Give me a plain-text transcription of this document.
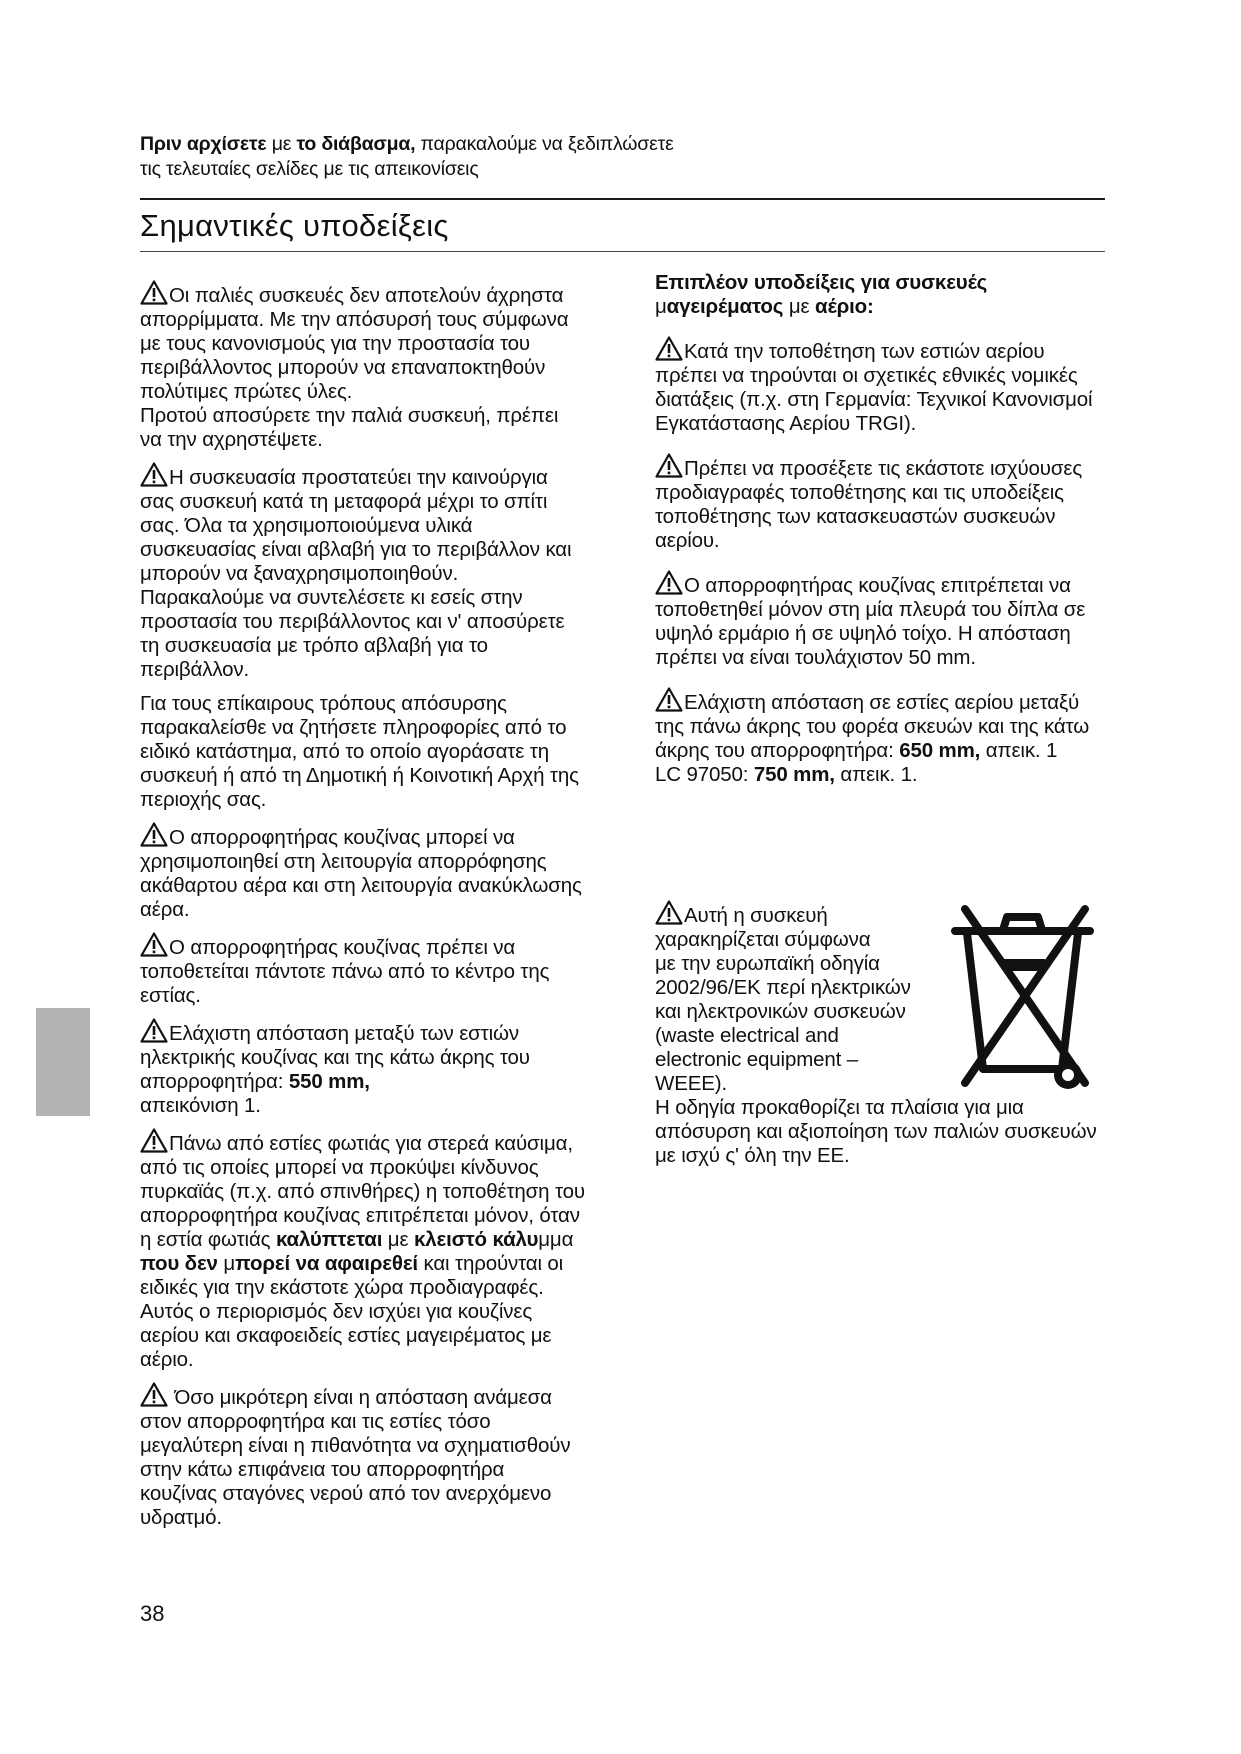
Πριν αρχίσετε με το διάβασμα, παρακαλούμε να ξεδιπλώσετε
τις τελευταίες σελίδες με τις απεικονίσεις
Σημαντικές υποδείξεις

Οι παλιές συσκευές δεν αποτελούν άχρηστα απορρίμματα. Με την απόσυρσή τους σύμφωνα με τους κανονισμούς για την προστασία του περιβάλλοντος μπορούν να επαναποκτηθούν πολύτιμες πρώτες ύλες.

Προτού αποσύρετε την παλιά συσκευή, πρέπει να την αχρηστέψετε.

Η συσκευασία προστατεύει την καινούργια σας συσκευή κατά τη μεταφορά μέχρι το σπίτι σας. Όλα τα χρησιμοποιούμενα υλικά συσκευασίας είναι αβλαβή για το περιβάλλον και μπορούν να ξαναχρησιμοποιηθούν.

Παρακαλούμε να συντελέσετε κι εσείς στην προστασία του περιβάλλοντος και ν' αποσύρετε τη συσκευασία με τρόπο αβλαβή για το περιβάλλον.

Για τους επίκαιρους τρόπους απόσυρσης παρακαλείσθε να ζητήσετε πληροφορίες από το ειδικό κατάστημα, από το οποίο αγοράσατε τη συσκευή ή από τη Δημοτική ή Κοινοτική Αρχή της περιοχής σας.

Ο απορροφητήρας κουζίνας μπορεί να χρησιμοποιηθεί στη λειτουργία απορρόφησης ακάθαρτου αέρα και στη λειτουργία ανακύκλωσης αέρα.

Ο απορροφητήρας κουζίνας πρέπει να τοποθετείται πάντοτε πάνω από το κέντρο της εστίας.

Ελάχιστη απόσταση μεταξύ των εστιών ηλεκτρικής κουζίνας και της κάτω άκρης του απορροφητήρα: 550 mm,
απεικόνιση 1.

Πάνω από εστίες φωτιάς για στερεά καύσιμα, από τις οποίες μπορεί να προκύψει κίνδυνος πυρκαϊάς (π.χ. από σπινθήρες) η τοποθέτηση του απορροφητήρα κουζίνας επιτρέπεται μόνον, όταν η εστία φωτιάς καλύπτεται με κλειστό κάλυμμα που δεν μπορεί να αφαιρεθεί και τηρούνται οι ειδικές για την εκάστοτε χώρα προδιαγραφές. Αυτός ο περιορισμός δεν ισχύει για κουζίνες αερίου και σκαφοειδείς εστίες μαγειρέματος με αέριο.

Όσο μικρότερη είναι η απόσταση ανάμεσα στον απορροφητήρα και τις εστίες τόσο μεγαλύτερη είναι η πιθανότητα να σχηματισθούν στην κάτω επιφάνεια του απορροφητήρα κουζίνας σταγόνες νερού από τον ανερχόμενο υδρατμό.

Επιπλέον υποδείξεις για συσκευές
μαγειρέματος με αέριο:

Κατά την τοποθέτηση των εστιών αερίου πρέπει να τηρούνται οι σχετικές εθνικές νομικές διατάξεις (π.χ. στη Γερμανία: Τεχνικοί Κανονισμοί Εγκατάστασης Αερίου TRGI).

Πρέπει να προσέξετε τις εκάστοτε ισχύουσες προδιαγραφές τοποθέτησης και τις υποδείξεις τοποθέτησης των κατασκευαστών συσκευών αερίου.

Ο απορροφητήρας κουζίνας επιτρέπεται να τοποθετηθεί μόνον στη μία πλευρά του δίπλα σε υψηλό ερμάριο ή σε υψηλό τοίχο. Η απόσταση πρέπει να είναι τουλάχιστον 50 mm.

Ελάχιστη απόσταση σε εστίες αερίου μεταξύ της πάνω άκρης του φορέα σκευών και της κάτω άκρης του απορροφητήρα: 650 mm, απεικ. 1
LC 97050: 750 mm, απεικ. 1.

Αυτή η συσκευή

χαρακηρίζεται σύμφωνα

με την ευρωπαϊκή οδηγία

2002/96/ΕΚ περί ηλεκτρικών

και ηλεκτρονικών συσκευών

(waste electrical and

electronic equipment –

WEEE).

Η οδηγία προκαθορίζει τα πλαίσια για μια απόσυρση και αξιοποίηση των παλιών συσκευών με ισχύ ς' όλη την ΕΕ.

38
